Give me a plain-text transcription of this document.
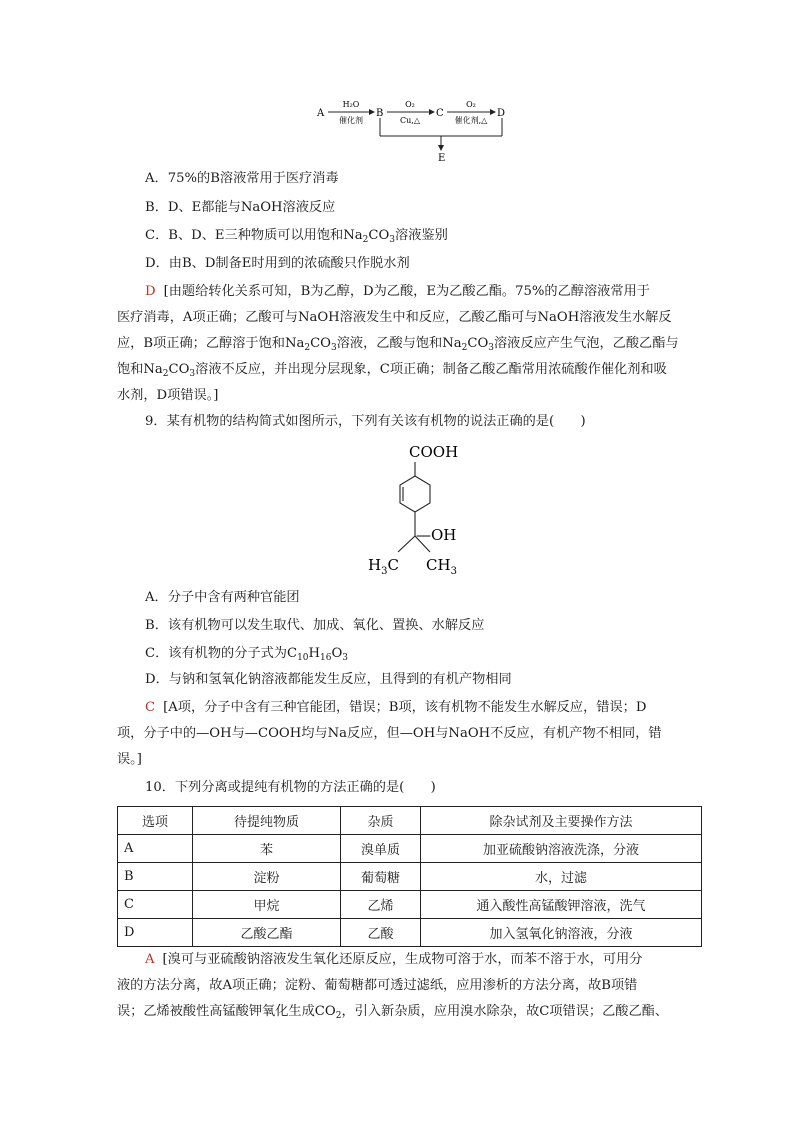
A
H₂O
催化剂
B
O₂
Cu,△
C
O₂
催化剂,△
D
E
A．75%的B溶液常用于医疗消毒
B．D、E都能与NaOH溶液反应
C．B、D、E三种物质可以用饱和$Na_2CO_3$溶液鉴别
D．由B、D制备E时用到的浓硫酸只作脱水剂
D [由题给转化关系可知，B为乙醇，D为乙酸，E为乙酸乙酯。75%的乙醇溶液常用于
医疗消毒，A项正确；乙酸可与NaOH溶液发生中和反应，乙酸乙酯可与NaOH溶液发生水解反
应，B项正确；乙醇溶于饱和$Na_2CO_3$溶液，乙酸与饱和$Na_2CO_3$溶液反应产生气泡，乙酸乙酯与
饱和$Na_2CO_3$溶液不反应，并出现分层现象，C项正确；制备乙酸乙酯常用浓硫酸作催化剂和吸
水剂，D项错误。]
9．某有机物的结构简式如图所示，下列有关该有机物的说法正确的是(　　)
COOH
—OH
$H_3C$ $CH_3$
A．分子中含有两种官能团
B．该有机物可以发生取代、加成、氧化、置换、水解反应
C．该有机物的分子式为$C_{10}H_{16}O_3$
D．与钠和氢氧化钠溶液都能发生反应，且得到的有机产物相同
C [A项，分子中含有三种官能团，错误；B项，该有机物不能发生水解反应，错误；D
项，分子中的—OH与—COOH均与Na反应，但—OH与NaOH不反应，有机产物不相同，错
误。]
10．下列分离或提纯有机物的方法正确的是(　　)
选项	待提纯物质	杂质	除杂试剂及主要操作方法
A	苯	溴单质	加亚硫酸钠溶液洗涤，分液
B	淀粉	葡萄糖	水，过滤
C	甲烷	乙烯	通入酸性高锰酸钾溶液，洗气
D	乙酸乙酯	乙酸	加入氢氧化钠溶液，分液
A [溴可与亚硫酸钠溶液发生氧化还原反应，生成物可溶于水，而苯不溶于水，可用分
液的方法分离，故A项正确；淀粉、葡萄糖都可透过滤纸，应用渗析的方法分离，故B项错
误；乙烯被酸性高锰酸钾氧化生成$CO_2$，引入新杂质，应用溴水除杂，故C项错误；乙酸乙酯、
